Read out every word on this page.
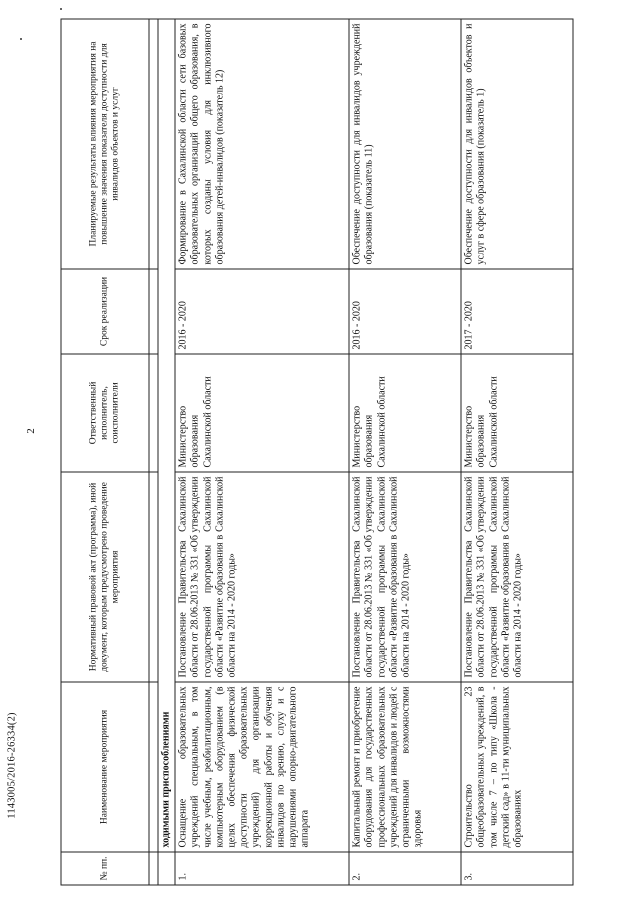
2
1143005/2016-26334(2)
№ пп.	Наименование мероприятия	Нормативный правовой акт (программа), иной документ, которым предусмотрено проведение мероприятия	Ответственный исполнитель, соисполнители	Срок реализации	Планируемые результаты влияния мероприятия на повышение значения показателя доступности для инвалидов объектов и услуг

	ходимыми приспособлениями				
1.	Оснащение образовательных учреждений специальным, в том числе учебным, реабилитационным, компьютерным оборудованием (в целях обеспечения физической доступности образовательных учреждений) для организации коррекционной работы и обучения инвалидов по зрению, слуху и с нарушениями опорно-двигательного аппарата	Постановление Правительства Сахалинской области от 28.06.2013 № 331 «Об утверждении государственной программы Сахалинской области «Развитие образования в Сахалинской области на 2014 - 2020 годы»	Министерство образования Сахалинской области	2016 - 2020	Формирование в Сахалинской области сети базовых образовательных организаций общего образования, в которых созданы условия для инклюзивного образования детей-инвалидов (показатель 12)
2.	Капитальный ремонт и приобретение оборудования для государственных профессиональных образовательных учреждений для инвалидов и людей с ограниченными возможностями здоровья	Постановление Правительства Сахалинской области от 28.06.2013 № 331 «Об утверждении государственной программы Сахалинской области «Развитие образования в Сахалинской области на 2014 - 2020 годы»	Министерство образования Сахалинской области	2016 - 2020	Обеспечение доступности для инвалидов учреждений образования (показатель 11)
3.	Строительство 23 общеобразовательных учреждений, в том числе 7 – по типу «Школа - детский сад» в 11-ти муниципальных образованиях	Постановление Правительства Сахалинской области от 28.06.2013 № 331 «Об утверждении государственной программы Сахалинской области «Развитие образования в Сахалинской области на 2014 - 2020 годы»	Министерство образования Сахалинской области	2017 - 2020	Обеспечение доступности для инвалидов объектов и услуг в сфере образования (показатель 1)
